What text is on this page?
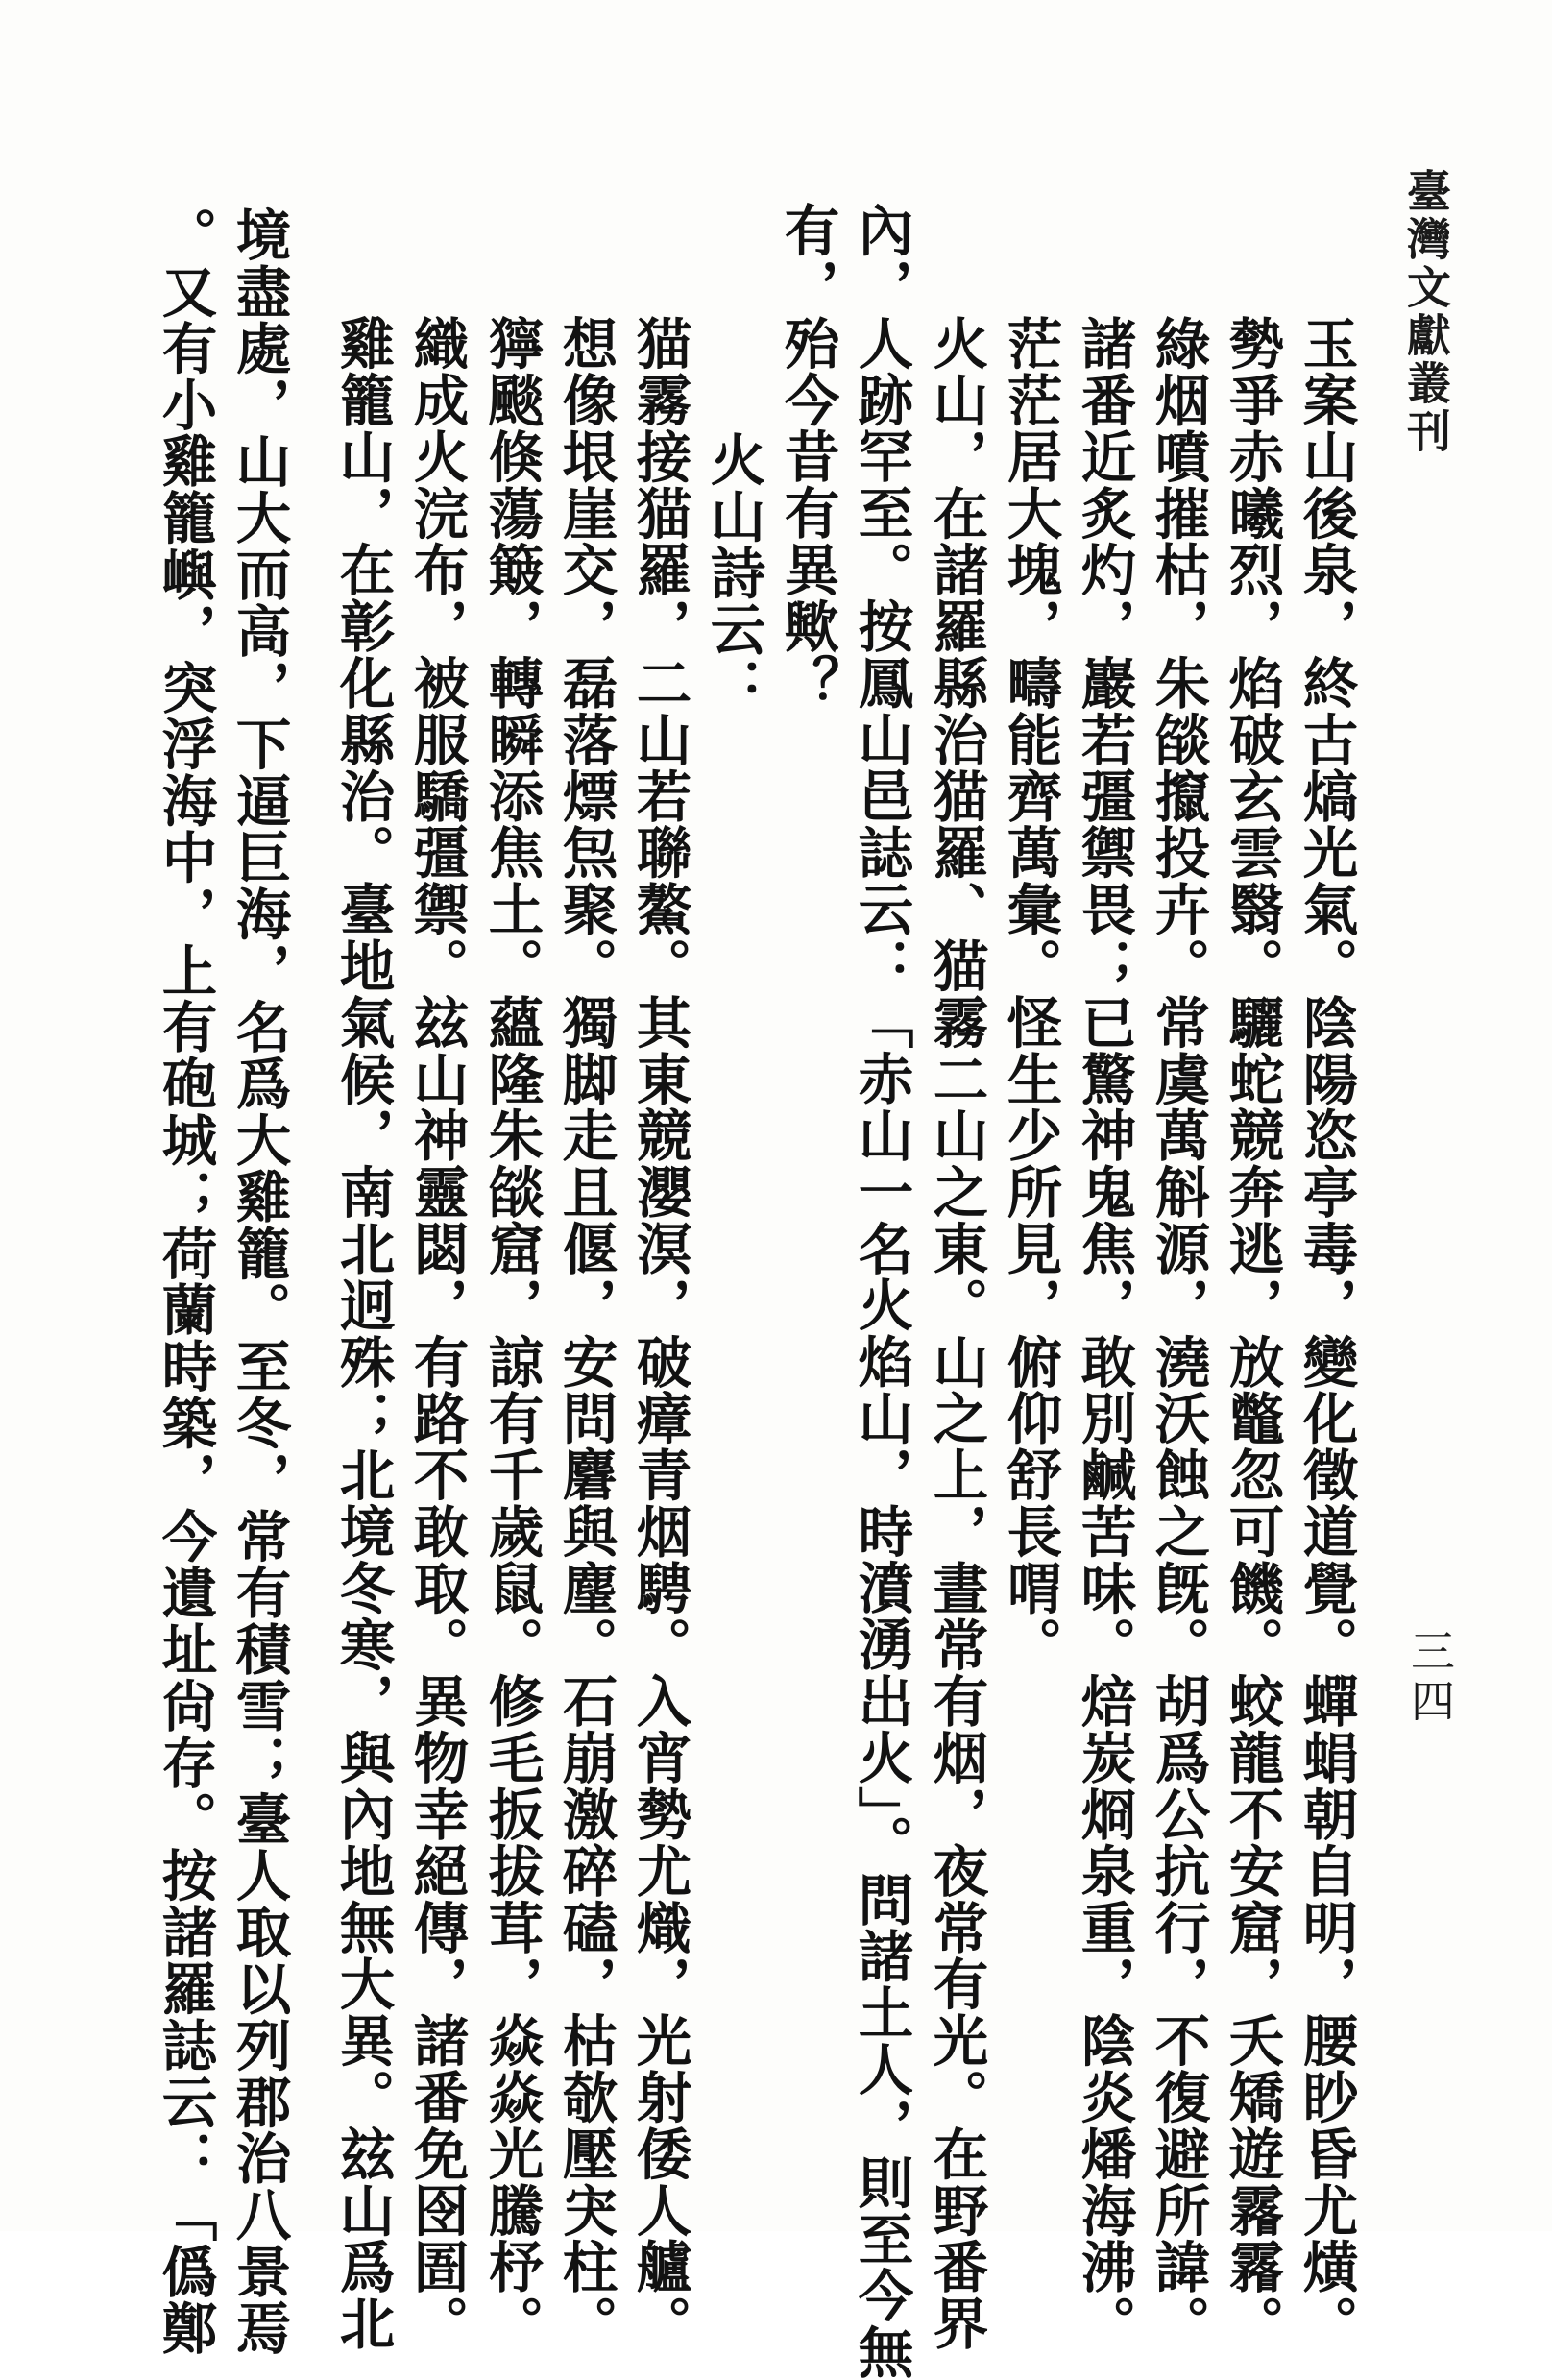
臺灣文獻叢刊
三四
玉案山後泉，終古熇光氣。陰陽恣亭毒，變化徵道覺。蟬蜎朝自明，腰眇昏尤熿。
勢爭赤曦烈，焰破玄雲翳。驪蛇競奔逃，放鼈忽可饑。蛟龍不安窟，夭矯遊霿霿。
綠烟噴摧枯，朱燄攛投卉。常虞萬斛源，澆沃蝕之旣。胡爲公抗行，不復避所諱。
諸番近炙灼，巖若彊禦畏；已驚神鬼焦，敢別鹹苦味。焙炭烱泉重，陰炎燔海沸。
茫茫居大塊，疇能齊萬彙。怪生少所見，俯仰舒長喟。
火山，在諸羅縣治猫羅、猫霧二山之東。山之上，晝常有烟，夜常有光。在野番界
內，人跡罕至。按鳳山邑誌云：「赤山一名火焰山，時濆湧出火」。問諸土人，則至今無
有，殆今昔有異歟？
　火山詩云：
猫霧接猫羅，二山若聯鰲。其東競瀴溟，破瘴青烟騁。入宵勢尤熾，光射倭人艫。
想像垠崖交，磊落熛炰聚。獨脚走且偃，安問麏與麈。石崩激碎磕，枯欹壓宊柱。
獰颷倏蕩簸，轉瞬添焦土。蘊隆朱燄窟，諒有千歲鼠。修毛扳拔茸，焱焱光騰杼。
織成火浣布，被服驕彊禦。玆山神靈閟，有路不敢取。異物幸絕傳，諸番免囹圄。
雞籠山，在彰化縣治。臺地氣候，南北迥殊；北境冬寒，與內地無大異。玆山爲北
境盡處，山大而高，下逼巨海，名爲大雞籠。至冬，常有積雪；臺人取以列郡治八景焉
。又有小雞籠嶼，突浮海中，上有砲城；荷蘭時築，今遺址尙存。按諸羅誌云：「僞鄭
